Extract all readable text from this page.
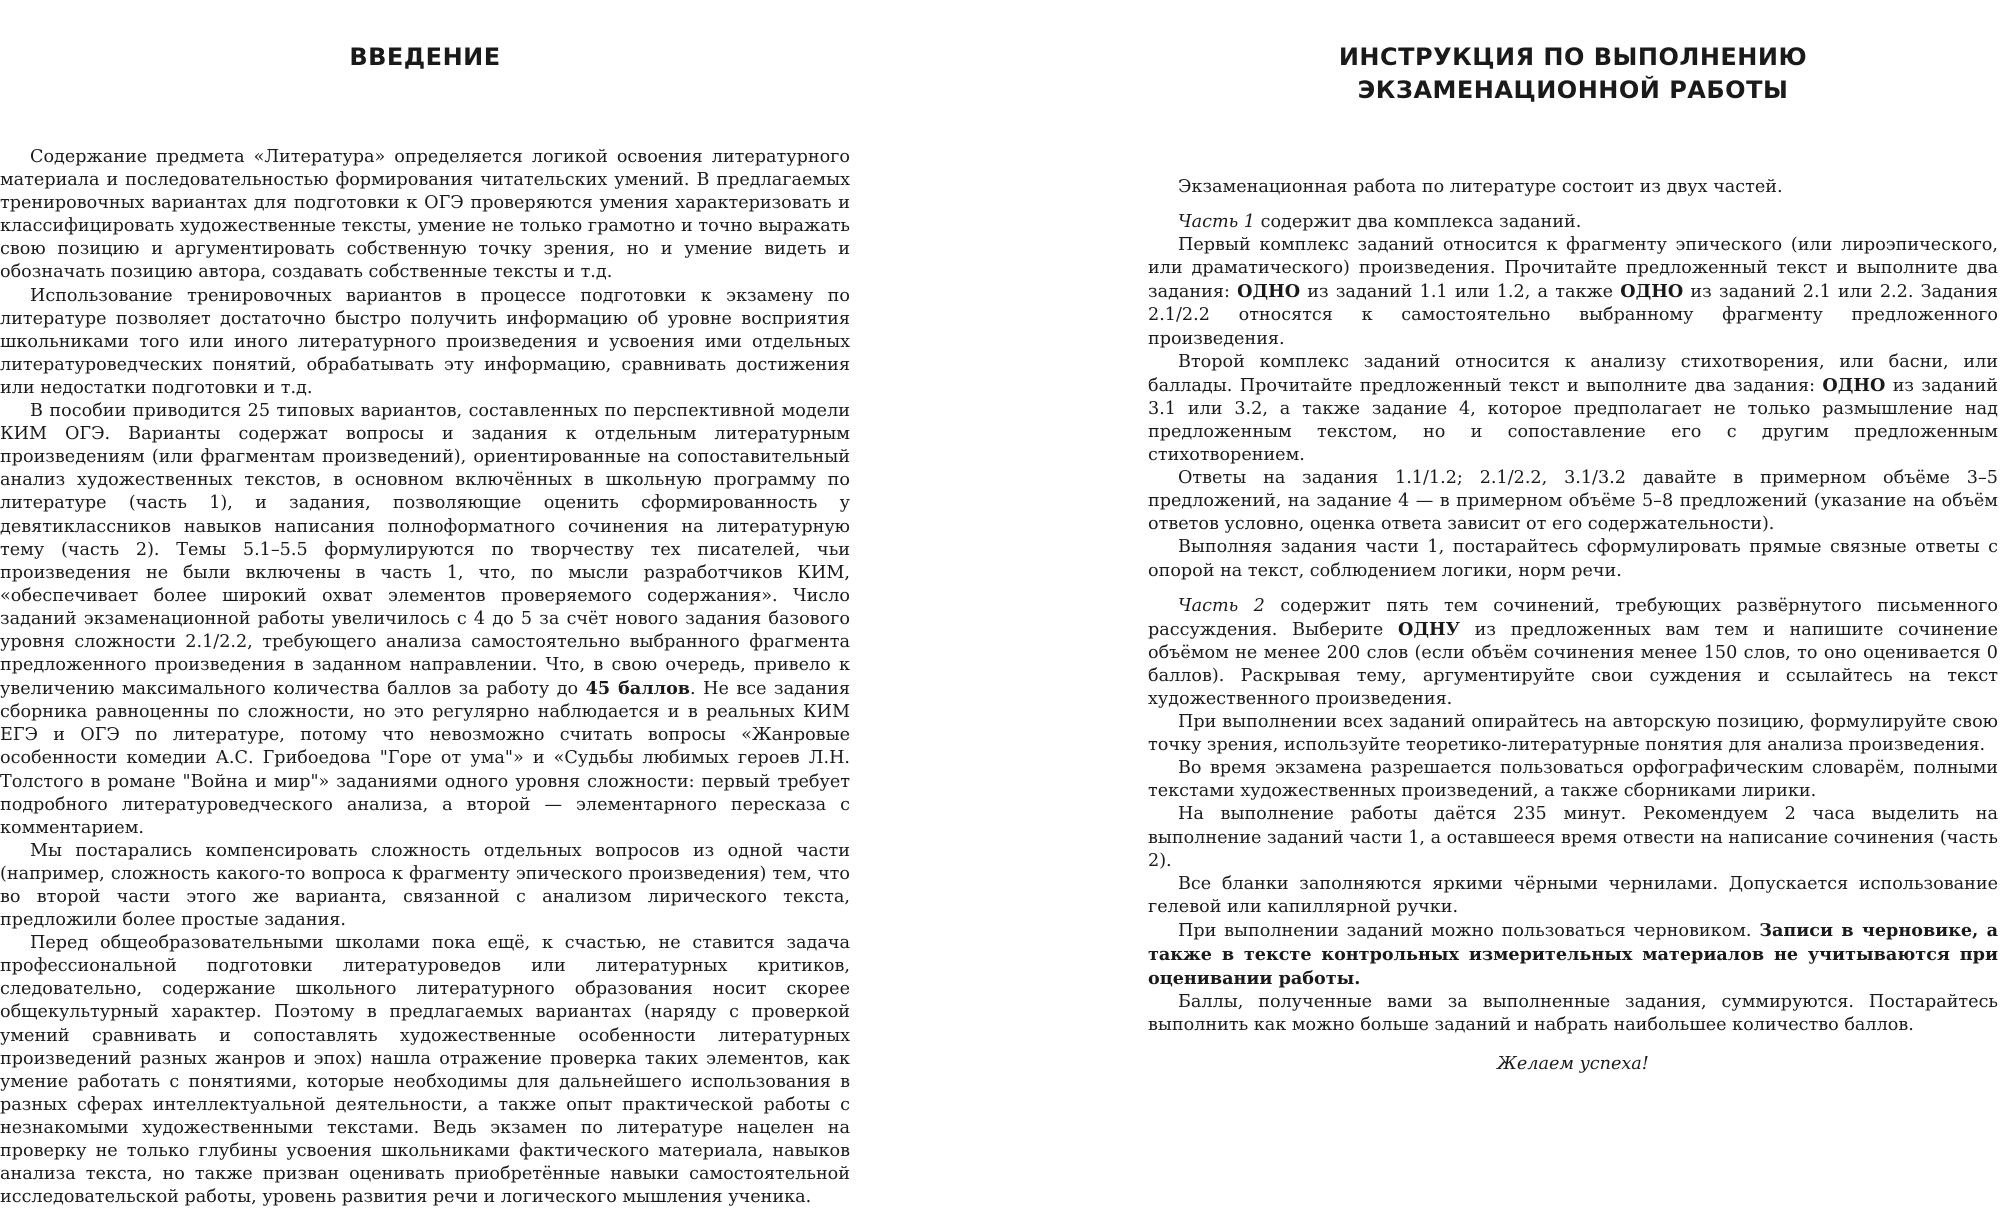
ВВЕДЕНИЕ

Содержание предмета «Литература» определяется логикой освоения литературного материала и последовательностью формирования читательских умений. В предлагаемых тренировочных вариантах для подготовки к ОГЭ проверяются умения характеризовать и классифицировать художественные тексты, умение не только грамотно и точно выражать свою позицию и аргументировать собственную точку зрения, но и умение видеть и обозначать позицию автора, создавать собственные тексты и т.д.

Использование тренировочных вариантов в процессе подготовки к экзамену по литературе позволяет достаточно быстро получить информацию об уровне восприятия школьниками того или иного литературного произведения и усвоения ими отдельных литературоведческих понятий, обрабатывать эту информацию, сравнивать достижения или недостатки подготовки и т.д.

В пособии приводится 25 типовых вариантов, составленных по перспективной модели КИМ ОГЭ. Варианты содержат вопросы и задания к отдельным литературным произведениям (или фрагментам произведений), ориентированные на сопоставительный анализ художественных текстов, в основном включённых в школьную программу по литературе (часть 1), и задания, позволяющие оценить сформированность у девятиклассников навыков написания полноформатного сочинения на литературную тему (часть 2). Темы 5.1–5.5 формулируются по творчеству тех писателей, чьи произведения не были включены в часть 1, что, по мысли разработчиков КИМ, «обеспечивает более широкий охват элементов проверяемого содержания». Число заданий экзаменационной работы увеличилось с 4 до 5 за счёт нового задания базового уровня сложности 2.1/2.2, требующего анализа самостоятельно выбранного фрагмента предложенного произведения в заданном направлении. Что, в свою очередь, привело к увеличению максимального количества баллов за работу до 45 баллов. Не все задания сборника равноценны по сложности, но это регулярно наблюдается и в реальных КИМ ЕГЭ и ОГЭ по литературе, потому что невозможно считать вопросы «Жанровые особенности комедии А.С. Грибоедова "Горе от ума"» и «Судьбы любимых героев Л.Н. Толстого в романе "Война и мир"» заданиями одного уровня сложности: первый требует подробного литературоведческого анализа, а второй — элементарного пересказа с комментарием.

Мы постарались компенсировать сложность отдельных вопросов из одной части (например, сложность какого-то вопроса к фрагменту эпического произведения) тем, что во второй части этого же варианта, связанной с анализом лирического текста, предложили более простые задания.

Перед общеобразовательными школами пока ещё, к счастью, не ставится задача профессиональной подготовки литературоведов или литературных критиков, следовательно, содержание школьного литературного образования носит скорее общекультурный характер. Поэтому в предлагаемых вариантах (наряду с проверкой умений сравнивать и сопоставлять художественные особенности литературных произведений разных жанров и эпох) нашла отражение проверка таких элементов, как умение работать с понятиями, которые необходимы для дальнейшего использования в разных сферах интеллектуальной деятельности, а также опыт практической работы с незнакомыми художественными текстами. Ведь экзамен по литературе нацелен на проверку не только глубины усвоения школьниками фактического материала, навыков анализа текста, но также призван оценивать приобретённые навыки самостоятельной исследовательской работы, уровень развития речи и логического мышления ученика.

ИНСТРУКЦИЯ ПО ВЫПОЛНЕНИЮ
ЭКЗАМЕНАЦИОННОЙ РАБОТЫ

Экзаменационная работа по литературе состоит из двух частей.

Часть 1 содержит два комплекса заданий.

Первый комплекс заданий относится к фрагменту эпического (или лироэпического, или драматического) произведения. Прочитайте предложенный текст и выполните два задания: ОДНО из заданий 1.1 или 1.2, а также ОДНО из заданий 2.1 или 2.2. Задания 2.1/2.2 относятся к самостоятельно выбранному фрагменту предложенного произведения.

Второй комплекс заданий относится к анализу стихотворения, или басни, или баллады. Прочитайте предложенный текст и выполните два задания: ОДНО из заданий 3.1 или 3.2, а также задание 4, которое предполагает не только размышление над предложенным текстом, но и сопоставление его с другим предложенным стихотворением.

Ответы на задания 1.1/1.2; 2.1/2.2, 3.1/3.2 давайте в примерном объёме 3–5 предложений, на задание 4 — в примерном объёме 5–8 предложений (указание на объём ответов условно, оценка ответа зависит от его содержательности).

Выполняя задания части 1, постарайтесь сформулировать прямые связные ответы с опорой на текст, соблюдением логики, норм речи.

Часть 2 содержит пять тем сочинений, требующих развёрнутого письменного рассуждения. Выберите ОДНУ из предложенных вам тем и напишите сочинение объёмом не менее 200 слов (если объём сочинения менее 150 слов, то оно оценивается 0 баллов). Раскрывая тему, аргументируйте свои суждения и ссылайтесь на текст художественного произведения.

При выполнении всех заданий опирайтесь на авторскую позицию, формулируйте свою точку зрения, используйте теоретико-литературные понятия для анализа произведения.

Во время экзамена разрешается пользоваться орфографическим словарём, полными текстами художественных произведений, а также сборниками лирики.

На выполнение работы даётся 235 минут. Рекомендуем 2 часа выделить на выполнение заданий части 1, а оставшееся время отвести на написание сочинения (часть 2).

Все бланки заполняются яркими чёрными чернилами. Допускается использование гелевой или капиллярной ручки.

При выполнении заданий можно пользоваться черновиком. Записи в черновике, а также в тексте контрольных измерительных материалов не учитываются при оценивании работы.

Баллы, полученные вами за выполненные задания, суммируются. Постарайтесь выполнить как можно больше заданий и набрать наибольшее количество баллов.

Желаем успеха!
